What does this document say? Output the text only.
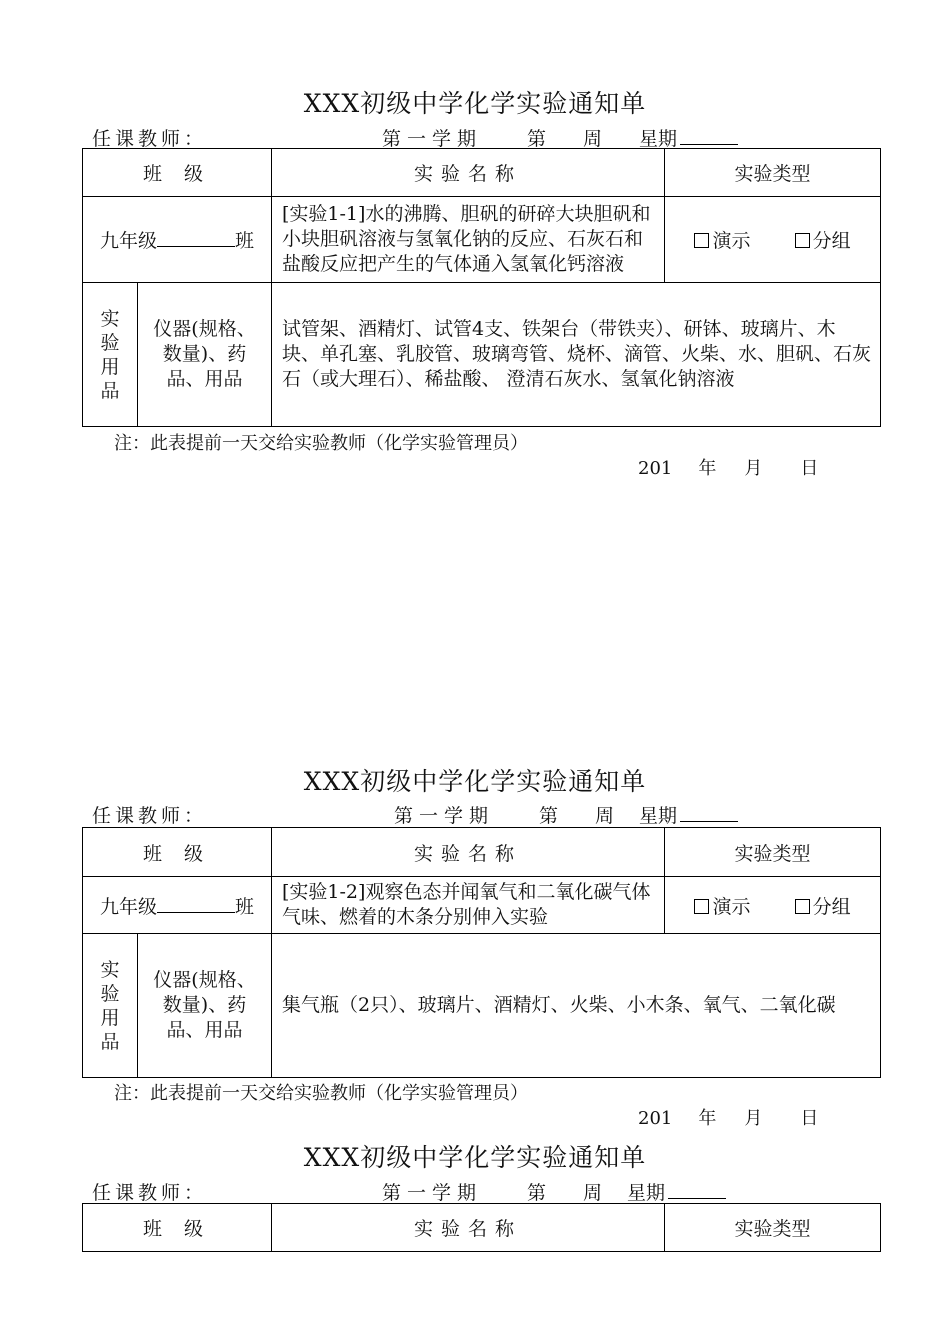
XXX初级中学化学实验通知单
任课教师：	第一学期 第 周 星期
班 级		实验名称	实验类型
九年级 班		[实验1-1]水的沸腾、胆矾的研碎大块胆矾和小块胆矾溶液与氢氧化钠的反应、石灰石和盐酸反应把产生的气体通入氢氧化钙溶液	演示 分组

实验用品	仪器(规格、数量)、药品、用品	试管架、酒精灯、试管4支、铁架台（带铁夹）、研钵、玻璃片、木块、单孔塞、乳胶管、玻璃弯管、烧杯、滴管、火柴、水、胆矾、石灰石（或大理石）、稀盐酸、 澄清石灰水、氢氧化钠溶液	
注：此表提前一天交给实验教师（化学实验管理员）
201 年 月 日
XXX初级中学化学实验通知单
任课教师：	第一学期 第 周 星期
班 级		实验名称	实验类型
九年级 班		[实验1-2]观察色态并闻氧气和二氧化碳气体气味、燃着的木条分别伸入实验	演示 分组

实验用品	仪器(规格、数量)、药品、用品	集气瓶（2只）、玻璃片、酒精灯、火柴、小木条、氧气、二氧化碳	
注：此表提前一天交给实验教师（化学实验管理员）
201 年 月 日
XXX初级中学化学实验通知单
任课教师：	第一学期 第 周 星期
班 级	实验名称	实验类型
